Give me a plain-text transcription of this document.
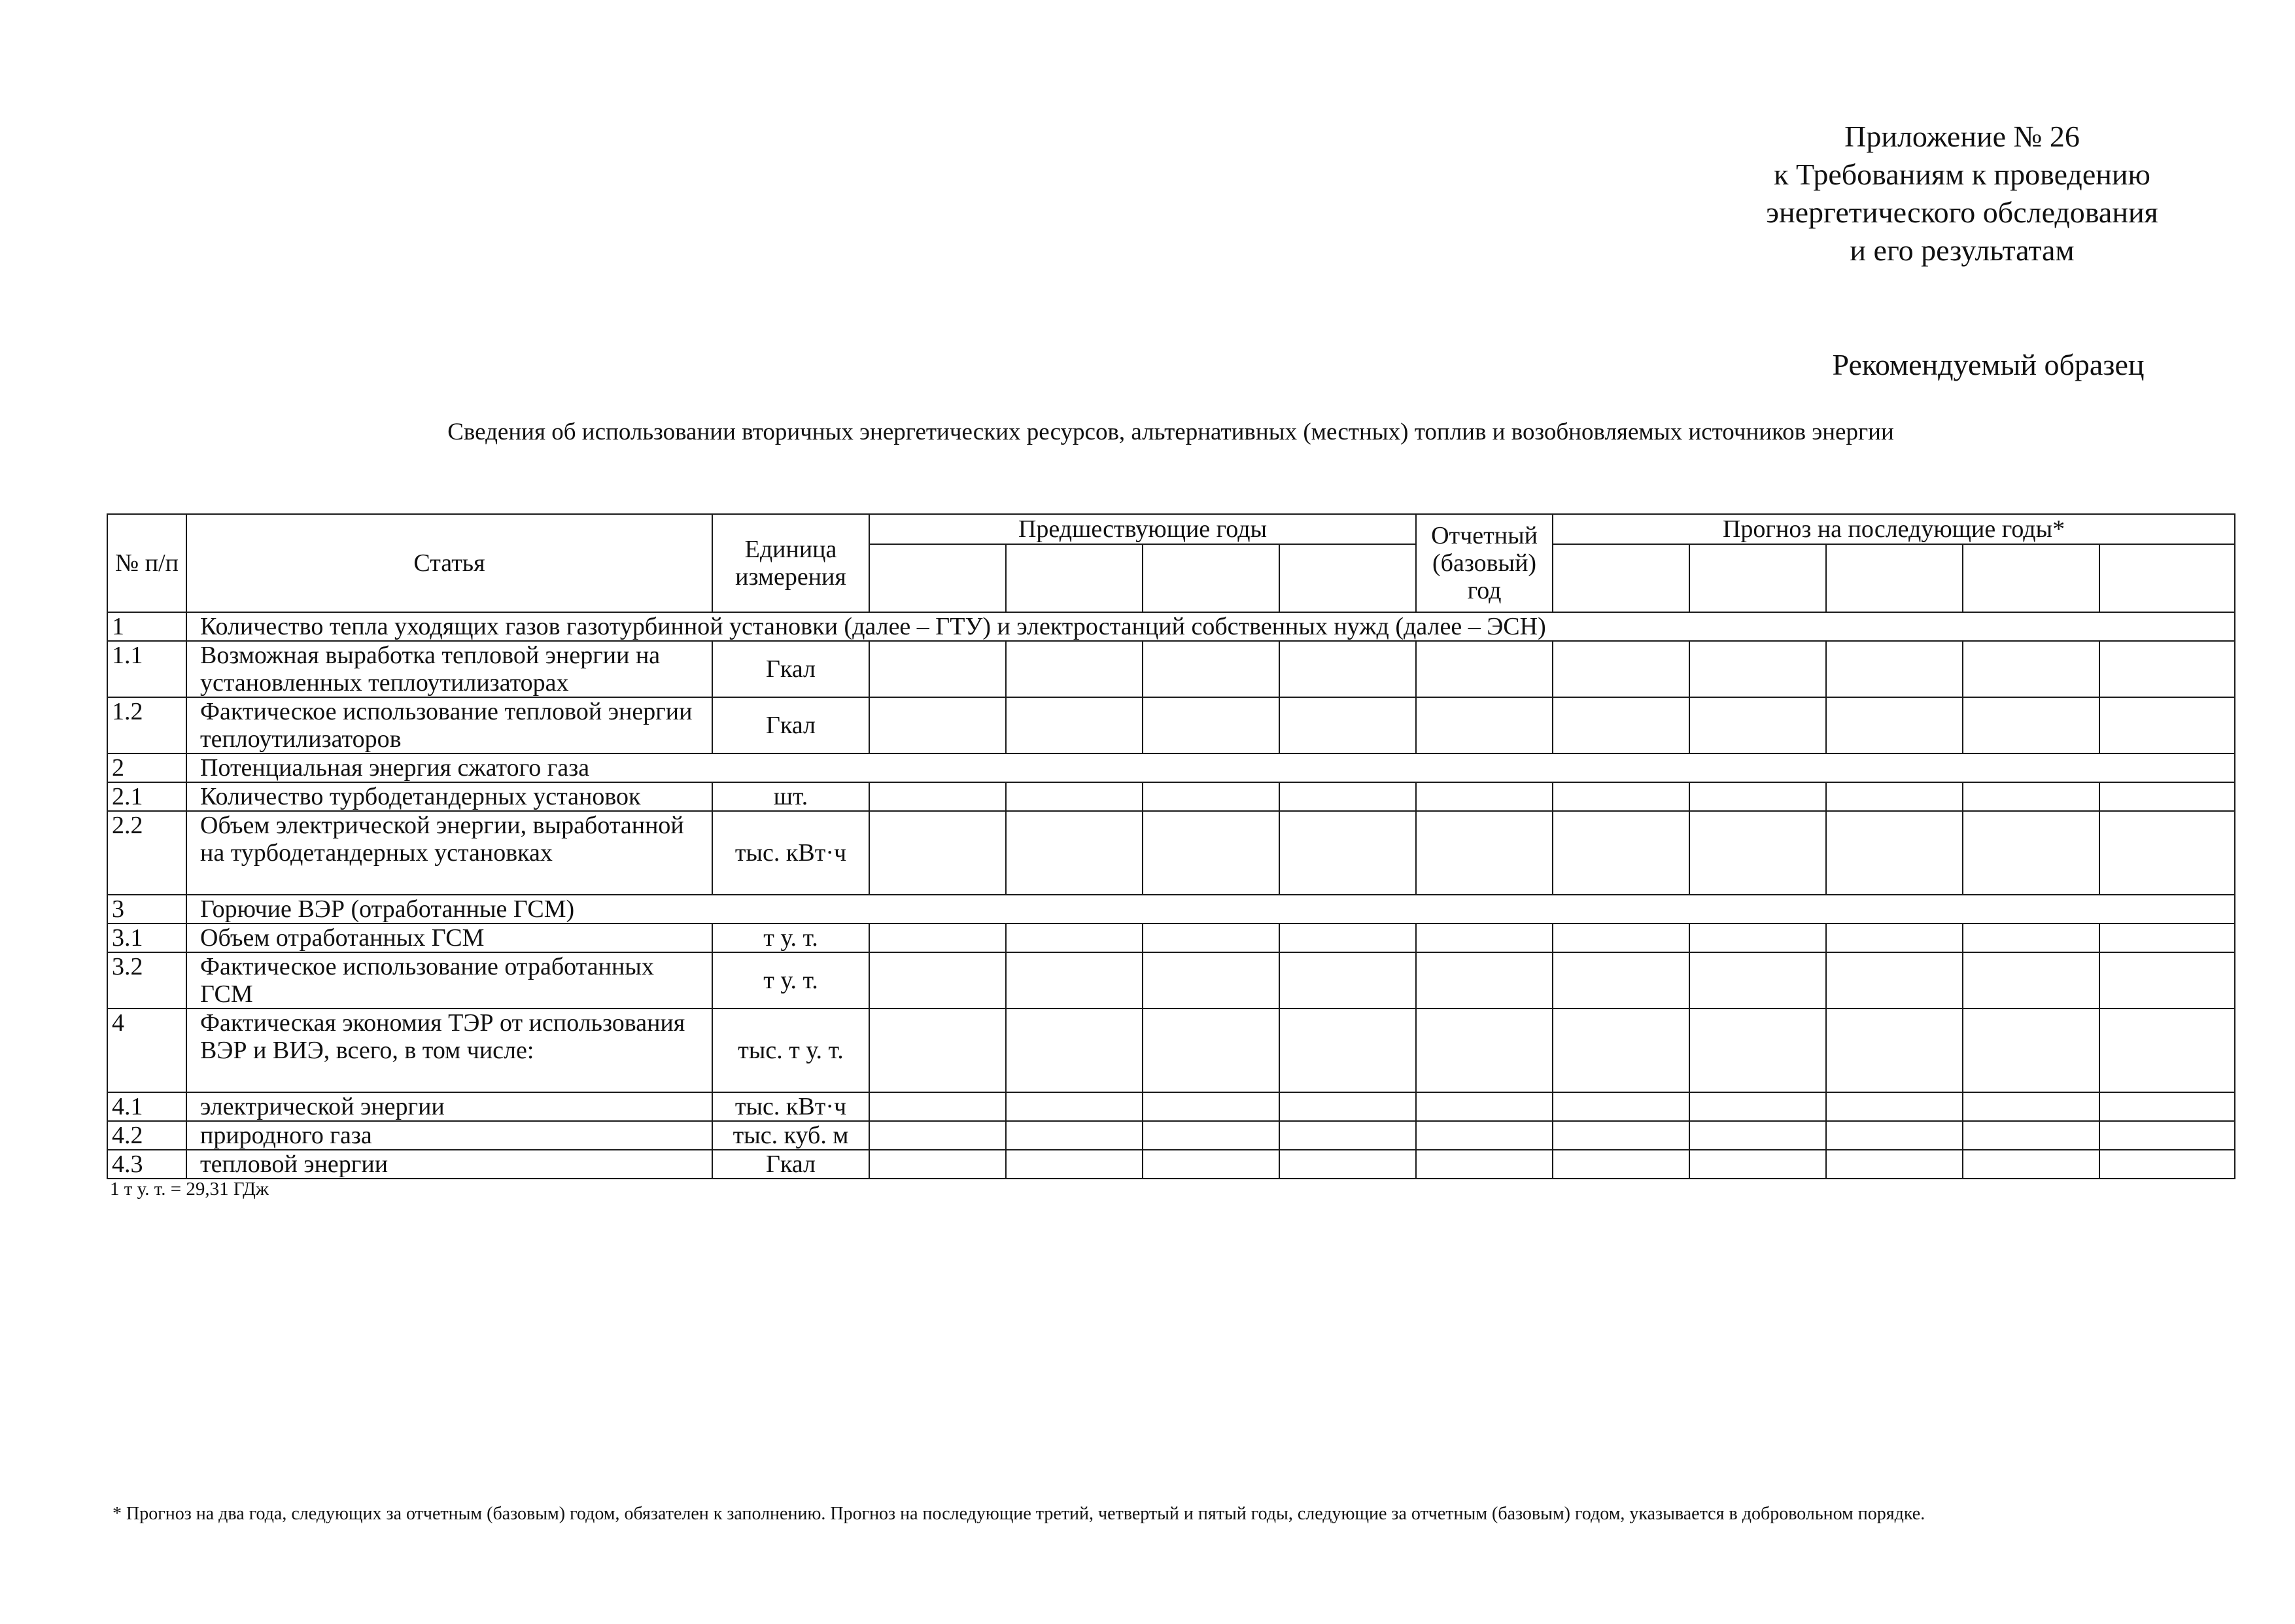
Приложение № 26
к Требованиям к проведению
энергетического обследования
и его результатам
Рекомендуемый образец
Сведения об использовании вторичных энергетических ресурсов, альтернативных (местных) топлив и возобновляемых источников энергии
№ п/п	Статья	Единица измерения	Предшествующие годы				Отчетный (базовый) год	Прогноз на последующие годы*				

1	Количество тепла уходящих газов газотурбинной установки (далее – ГТУ) и электростанций собственных нужд (далее – ЭСН)											
1.1	Возможная выработка тепловой энергии на установленных теплоутилизаторах	Гкал										
1.2	Фактическое использование тепловой энергии теплоутилизаторов	Гкал										
2	Потенциальная энергия сжатого газа											
2.1	Количество турбодетандерных установок	шт.										
2.2	Объем электрической энергии, выработанной на турбодетандерных установках	тыс. кВт·ч										
3	Горючие ВЭР (отработанные ГСМ)											
3.1	Объем отработанных ГСМ	т у. т.										
3.2	Фактическое использование отработанных ГСМ	т у. т.										
4	Фактическая экономия ТЭР от использования ВЭР и ВИЭ, всего, в том числе:	тыс. т у. т.										
4.1	электрической энергии	тыс. кВт·ч										
4.2	природного газа	тыс. куб. м										
4.3	тепловой энергии	Гкал										
1 т у. т. = 29,31 ГДж
* Прогноз на два года, следующих за отчетным (базовым) годом, обязателен к заполнению. Прогноз на последующие третий, четвертый и пятый годы, следующие за отчетным (базовым) годом, указывается в добровольном порядке.
